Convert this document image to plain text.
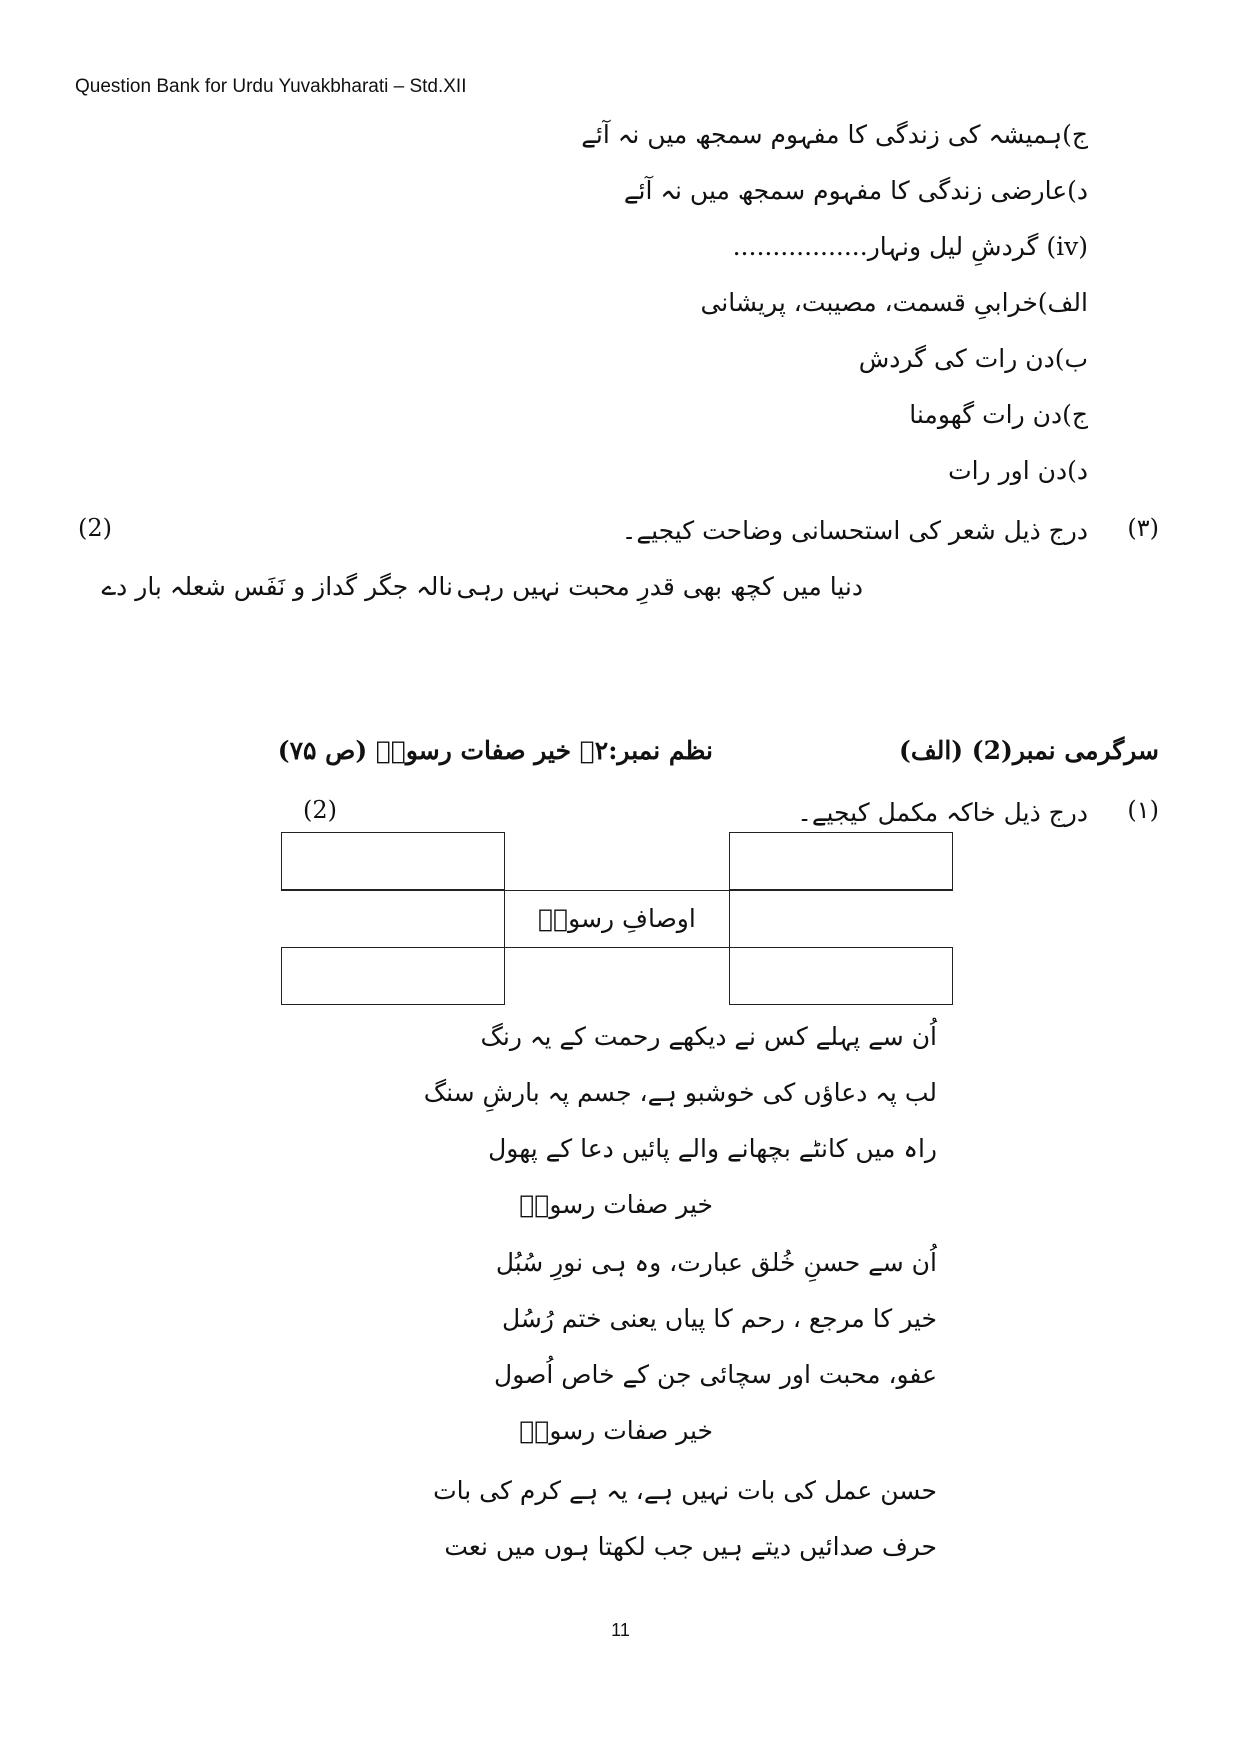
Question Bank for Urdu Yuvakbharati – Std.XII
ج)ہمیشہ کی زندگی کا مفہوم سمجھ میں نہ آئے
د)عارضی زندگی کا مفہوم سمجھ میں نہ آئے
(iv) گردشِ لیل ونہار.................
الف)خرابیِ قسمت، مصیبت، پریشانی
ب)دن رات کی گردش
ج)دن رات گھومنا
د)دن اور رات
(۳)
درج ذیل شعر کی استحسانی وضاحت کیجیے۔
(2)
دنیا میں کچھ بھی قدرِ محبت نہیں رہی
نالہ جگر گداز و نَفَس شعلہ بار دے
سرگرمی نمبر(2) (الف)
نظم نمبر:۲۔ خیر صفات رسولؐ (ص ۷۵)
(۱)
درج ذیل خاکہ مکمل کیجیے۔
(2)
اوصافِ رسولؐ
اُن سے پہلے کس نے دیکھے رحمت کے یہ رنگ
لب پہ دعاؤں کی خوشبو ہے، جسم پہ بارشِ سنگ
راہ میں کانٹے بچھانے والے پائیں دعا کے پھول
خیر صفات رسولؐ
اُن سے حسنِ خُلق عبارت، وہ ہی نورِ سُبُل
خیر کا مرجع ، رحم کا پیاں یعنی ختم رُسُل
عفو، محبت اور سچائی جن کے خاص اُصول
خیر صفات رسولؐ
حسن عمل کی بات نہیں ہے، یہ ہے کرم کی بات
حرف صدائیں دیتے ہیں جب لکھتا ہوں میں نعت
11
